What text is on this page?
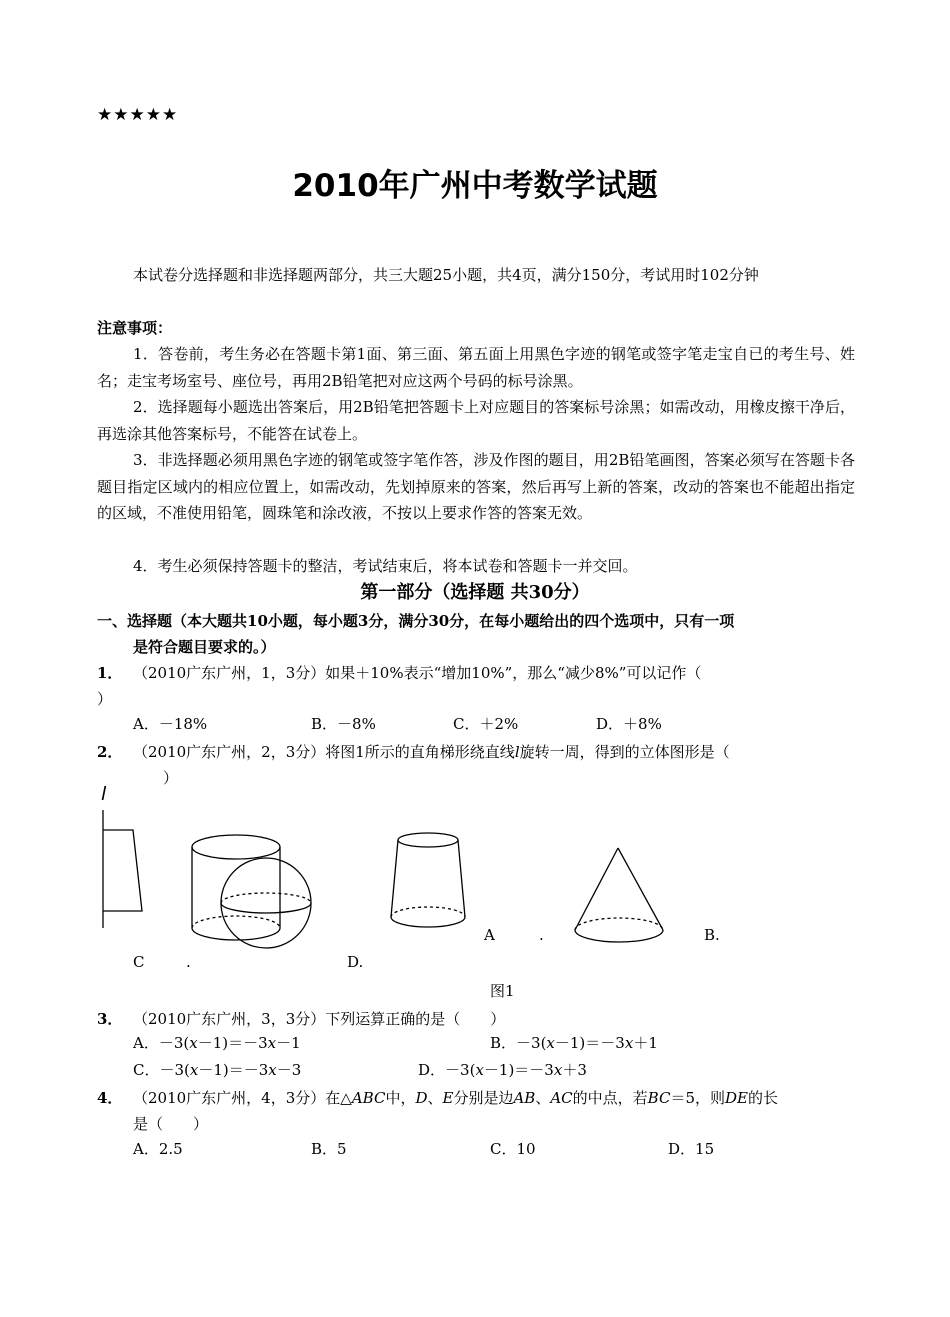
★★★★★
2010年广州中考数学试题
本试卷分选择题和非选择题两部分，共三大题25小题，共4页，满分150分，考试用时102分钟
注意事项：
1．答卷前，考生务必在答题卡第1面、第三面、第五面上用黑色字迹的钢笔或签字笔走宝自已的考生号、姓名；走宝考场室号、座位号，再用2B铅笔把对应这两个号码的标号涂黑。
2．选择题每小题选出答案后，用2B铅笔把答题卡上对应题目的答案标号涂黑；如需改动，用橡皮擦干净后，再选涂其他答案标号，不能答在试卷上。
3．非选择题必须用黑色字迹的钢笔或签字笔作答，涉及作图的题目，用2B铅笔画图，答案必须写在答题卡各题目指定区域内的相应位置上，如需改动，先划掉原来的答案，然后再写上新的答案，改动的答案也不能超出指定的区域，不准使用铅笔，圆珠笔和涂改液，不按以上要求作答的答案无效。
4．考生必须保持答题卡的整洁，考试结束后，将本试卷和答题卡一并交回。
第一部分（选择题 共30分）
一、选择题（本大题共10小题，每小题3分，满分30分，在每小题给出的四个选项中，只有一项
是符合题目要求的。）
1． （2010广东广州，1，3分）如果＋10%表示“增加10%”，那么“减少8%”可以记作（
）
A．－18%	B．－8%	C．＋2%	D．＋8%
2． （2010广东广州，2，3分）将图1所示的直角梯形绕直线l旋转一周，得到的立体图形是（
）
l
A	.	B.
C	.	D.
图1
3． （2010广东广州，3，3分）下列运算正确的是（　　）
A．－3(x－1)＝－3x－1	B．－3(x－1)＝－3x＋1
C．－3(x－1)＝－3x－3	D．－3(x－1)＝－3x＋3
4． （2010广东广州，4，3分）在△ABC中，D、E分别是边AB、AC的中点，若BC＝5，则DE的长
是（　　）
A．2.5	B．5	C．10	D．15
